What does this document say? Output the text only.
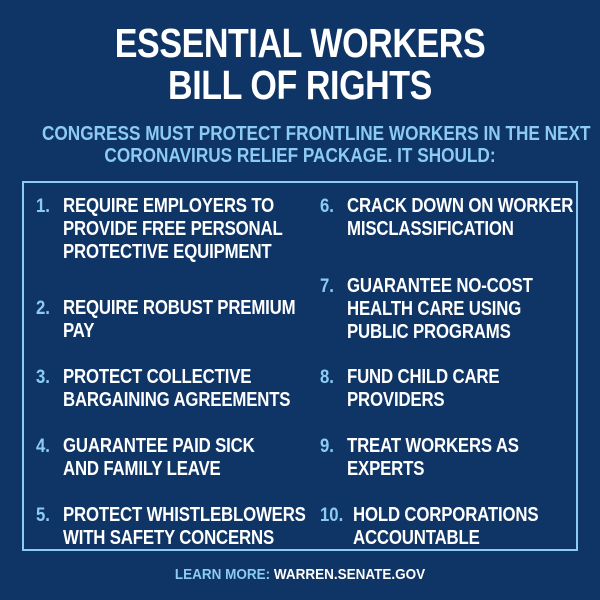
ESSENTIAL WORKERS
BILL OF RIGHTS
CONGRESS MUST PROTECT FRONTLINE WORKERS IN THE NEXT
CORONAVIRUS RELIEF PACKAGE. IT SHOULD:
1. REQUIRE EMPLOYERS TO
PROVIDE FREE PERSONAL
PROTECTIVE EQUIPMENT
2. REQUIRE ROBUST PREMIUM
PAY
3. PROTECT COLLECTIVE
BARGAINING AGREEMENTS
4. GUARANTEE PAID SICK
AND FAMILY LEAVE
5. PROTECT WHISTLEBLOWERS
WITH SAFETY CONCERNS
6. CRACK DOWN ON WORKER
MISCLASSIFICATION
7. GUARANTEE NO-COST
HEALTH CARE USING
PUBLIC PROGRAMS
8. FUND CHILD CARE
PROVIDERS
9. TREAT WORKERS AS
EXPERTS
10. HOLD CORPORATIONS
ACCOUNTABLE
LEARN MORE: WARREN.SENATE.GOV
